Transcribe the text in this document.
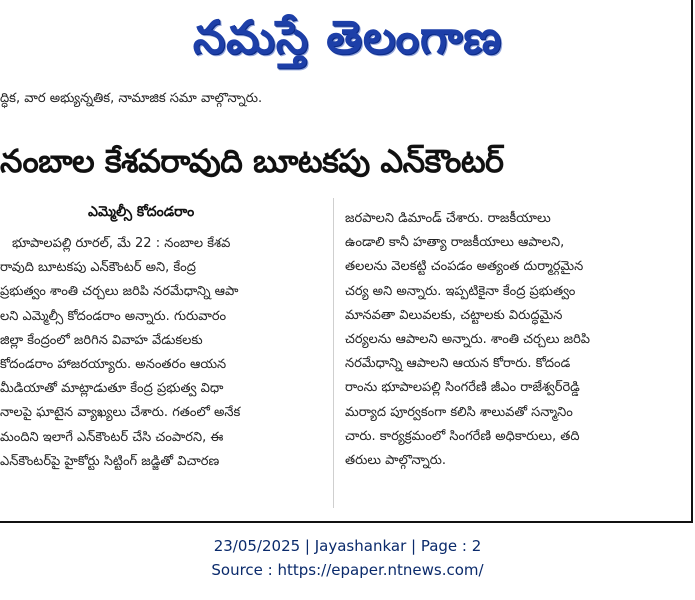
నమస్తే తెలంగాణ
ద్ధిక, వార అభ్యున్నతిక, నామాజిక సమా వాల్గొన్నారు.
నంబాల కేశవరావుది బూటకపు ఎన్‌కౌంటర్
ఎమ్మెల్సీ కోదండరాం
భూపాలపల్లి రూరల్, మే 22 : నంబాల కేశవ
రావుది బూటకపు ఎన్‌కౌంటర్ అని, కేంద్ర
ప్రభుత్వం శాంతి చర్చలు జరిపి నరమేధాన్ని ఆపా
లని ఎమ్మెల్సీ కోదండరాం అన్నారు. గురువారం
జిల్లా కేంద్రంలో జరిగిన వివాహ వేడుకలకు
కోదండరాం హాజరయ్యారు. అనంతరం ఆయన
మీడియాతో మాట్లాడుతూ కేంద్ర ప్రభుత్వ విధా
నాలపై ఘాటైన వ్యాఖ్యలు చేశారు. గతంలో అనేక
మందిని ఇలాగే ఎన్‌కౌంటర్ చేసి చంపారని, ఈ
ఎన్‌కౌంటర్‌పై హైకోర్టు సిట్టింగ్ జడ్జితో విచారణ
జరపాలని డిమాండ్ చేశారు. రాజకీయాలు
ఉండాలి కానీ హత్యా రాజకీయాలు ఆపాలని,
తలలను వెలకట్టి చంపడం అత్యంత దుర్మార్గమైన
చర్య అని అన్నారు. ఇప్పటికైనా కేంద్ర ప్రభుత్వం
మానవతా విలువలకు, చట్టాలకు విరుద్ధమైన
చర్యలను ఆపాలని అన్నారు. శాంతి చర్చలు జరిపి
నరమేధాన్ని ఆపాలని ఆయన కోరారు. కోదండ
రాంను భూపాలపల్లి సింగరేణి జీఎం రాజేశ్వర్‌రెడ్డి
మర్యాద పూర్వకంగా కలిసి శాలువతో సన్మానిం
చారు. కార్యక్రమంలో సింగరేణి అధికారులు, తది
తరులు పాల్గొన్నారు.
23/05/2025 | Jayashankar | Page : 2
Source : https://epaper.ntnews.com/
